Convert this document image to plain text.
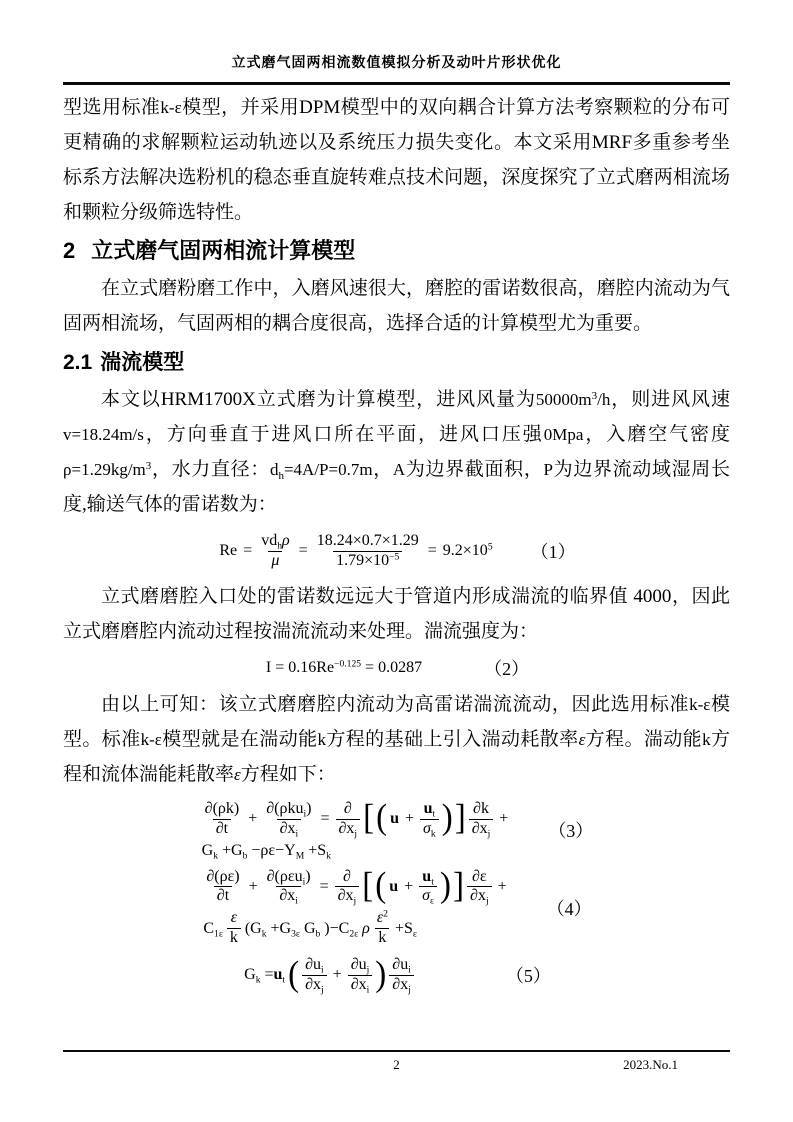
立式磨气固两相流数值模拟分析及动叶片形状优化

型选用标准k-ε模型，并采用DPM模型中的双向耦合计算方法考察颗粒的分布可更精确的求解颗粒运动轨迹以及系统压力损失变化。本文采用MRF多重参考坐标系方法解决选粉机的稳态垂直旋转难点技术问题，深度探究了立式磨两相流场和颗粒分级筛选特性。

2 立式磨气固两相流计算模型

在立式磨粉磨工作中，入磨风速很大，磨腔的雷诺数很高，磨腔内流动为气固两相流场，气固两相的耦合度很高，选择合适的计算模型尤为重要。

2.1 湍流模型

本文以HRM1700X立式磨为计算模型，进风风量为$50000m^3/h$，则进风风速v=18.24m/s，方向垂直于进风口所在平面，进风口压强0Mpa，入磨空气密度$\rho=1.29kg/m^3$，水力直径：$d_h=4A/P=0.7m$，A为边界截面积，P为边界流动域湿周长度,输送气体的雷诺数为：

$Re = \frac{vd_h\rho}{\mu} = \frac{18.24\times 0.7\times 1.29}{1.79\times 10^{-5}} = 9.2\times 10^5$ （1）

立式磨磨腔入口处的雷诺数远远大于管道内形成湍流的临界值 4000，因此立式磨磨腔内流动过程按湍流流动来处理。湍流强度为：

$I = 0.16Re^{-0.125} = 0.0287$	（2）

由以上可知：该立式磨磨腔内流动为高雷诺湍流流动，因此选用标准k-ε模型。标准k-ε模型就是在湍动能k方程的基础上引入湍动耗散率ε方程。湍动能k方程和流体湍能耗散率ε方程如下：

$\frac{\partial(\rho k)}{\partial t} + \frac{\partial(\rho ku_i)}{\partial x_i} = \frac{\partial}{\partial x_j}$ [ ( $u + \frac{u_t}{\sigma_k}$ ) ] $\frac{\partial k}{\partial x_j}$ +
$G_k +G_b -\rho\varepsilon-Y_M +S_k$
（3）
$\frac{\partial(\rho\varepsilon)}{\partial t} + \frac{\partial(\rho\varepsilon u_i)}{\partial x_i} = \frac{\partial}{\partial x_j}$ [ ( $u + \frac{u_t}{\sigma_\varepsilon}$ ) ] $\frac{\partial\varepsilon}{\partial x_j}$ +
$C_{1\varepsilon} \frac{\varepsilon}{k} (G_k +G_{3\varepsilon}$ $G_b$ )$-C_{2\varepsilon}$ ρ $\frac{\varepsilon^2}{k} +S_\varepsilon$
（4）
$G_k =u_t$ ( $\frac{\partial u_i}{\partial x_j} + \frac{\partial u_j}{\partial x_i}$ ) $\frac{\partial u_i}{\partial x_j}$	（5）
2	2023.No.1
